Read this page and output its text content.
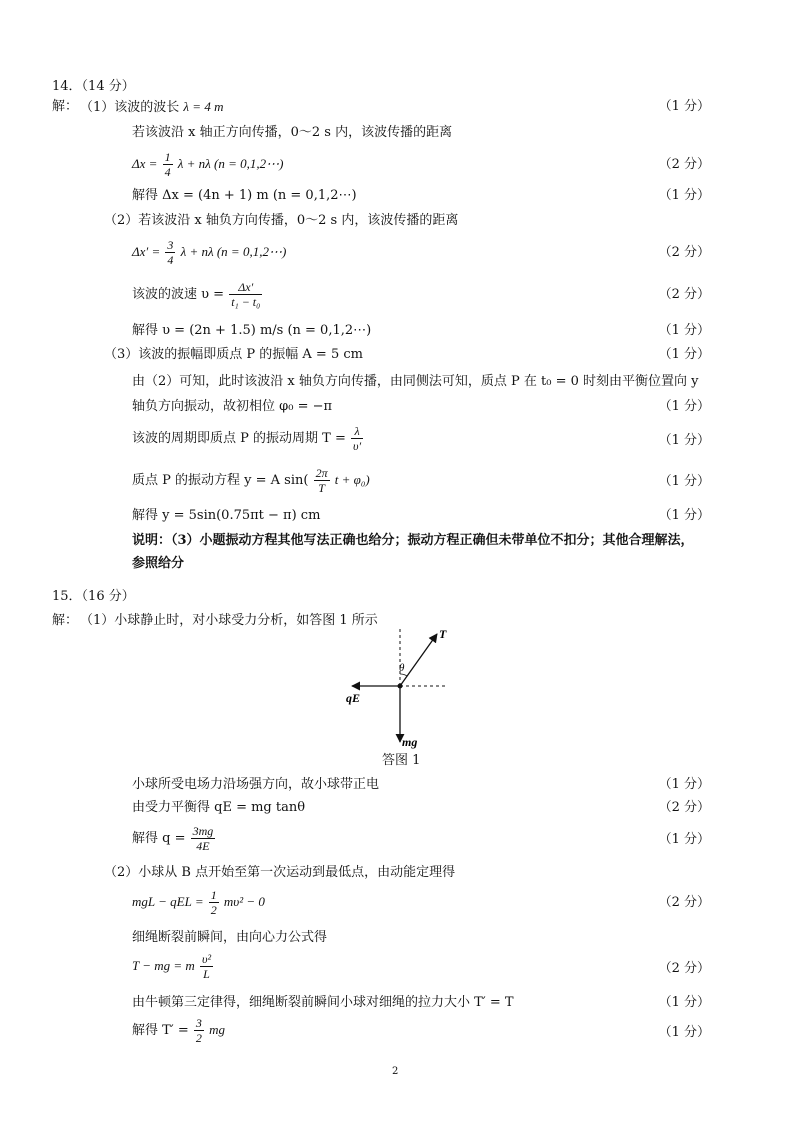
14．（14 分）
解： （1）该波的波长 λ = 4 m	（1 分）
若该波沿 x 轴正方向传播，0～2 s 内，该波传播的距离
$\Delta x = \frac{1}{4}$ λ + nλ (n = 0,1,2⋯)	（2 分）
解得 Δx = (4n + 1) m (n = 0,1,2⋯)	（1 分）
（2）若该波沿 x 轴负方向传播，0～2 s 内，该波传播的距离
$\Delta x' = \frac{3}{4}$ λ + nλ (n = 0,1,2⋯)	（2 分）
该波的波速 $\upsilon = \frac{\Delta x'}{\text{t₁ − t₀}}$	（2 分）
解得 υ = (2n + 1.5) m/s (n = 0,1,2⋯)	（1 分）
（3）该波的振幅即质点 P 的振幅 A = 5 cm	（1 分）
由（2）可知，此时该波沿 x 轴负方向传播，由同侧法可知，质点 P 在 t₀ = 0 时刻由平衡位置向 y
轴负方向振动，故初相位 φ₀ = −π	（1 分）
该波的周期即质点 P 的振动周期 $T = \frac{\lambda}{\upsilon'}$	（1 分）
质点 P 的振动方程 y = A $\sin( \frac{2\pi}{T}$ t + φ₀)	（1 分）
解得 y = 5sin(0.75πt − π) cm	（1 分）
说明：（3）小题振动方程其他写法正确也给分；振动方程正确但未带单位不扣分；其他合理解法，
参照给分
15．（16 分）
解： （1）小球静止时，对小球受力分析，如答图 1 所示
T
θ
qE
mg
答图 1
小球所受电场力沿场强方向，故小球带正电	（1 分）
由受力平衡得 qE = mg tanθ	（2 分）
解得 $q = \frac{3mg}{4E}$	（1 分）
（2）小球从 B 点开始至第一次运动到最低点，由动能定理得
mgL − qEL = $\frac{1}{2} m\upsilon^2 - 0$	（2 分）
细绳断裂前瞬间，由向心力公式得
T − mg = m $\frac{\text{υ²}}{L}$	（2 分）
由牛顿第三定律得，细绳断裂前瞬间小球对细绳的拉力大小 T′ = T	（1 分）
解得 $T' = \frac{3}{2}$ mg	（1 分）
2
